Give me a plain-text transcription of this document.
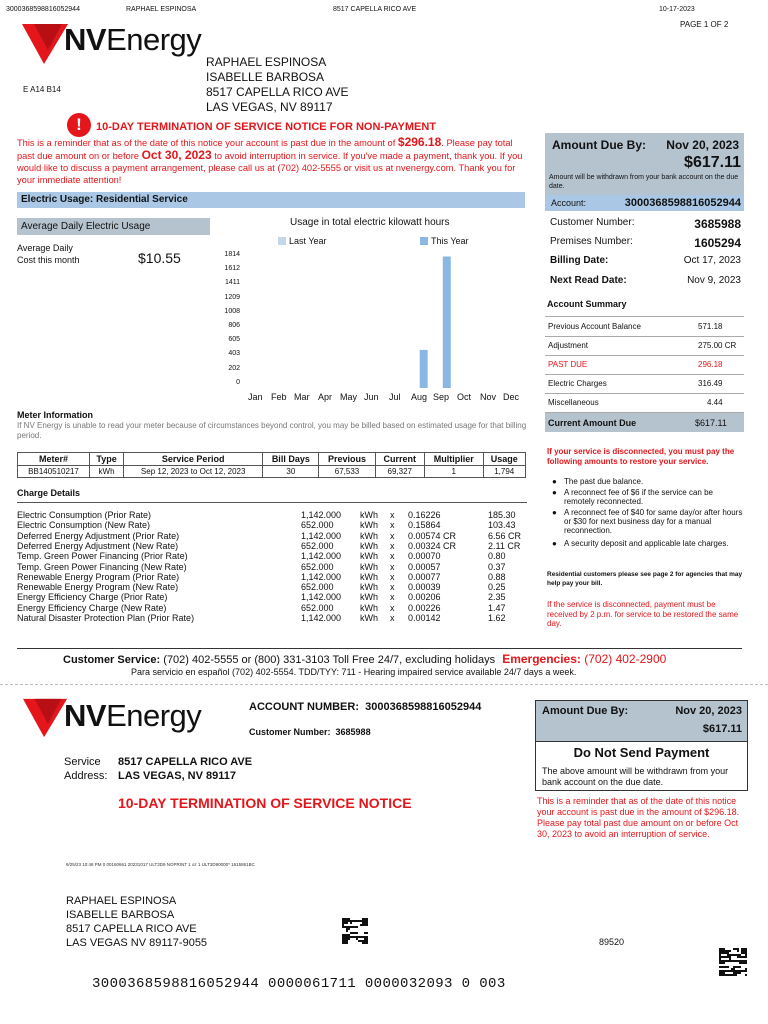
3000368598816052944	RAPHAEL ESPINOSA	8517 CAPELLA RICO AVE	10-17-2023
PAGE 1 OF 2
NVEnergy
E A14 B14
RAPHAEL ESPINOSA
ISABELLE BARBOSA
8517 CAPELLA RICO AVE
LAS VEGAS, NV 89117
!	10-DAY TERMINATION OF SERVICE NOTICE FOR NON-PAYMENT
This is a reminder that as of the date of this notice your account is past due in the amount of $296.18. Please pay total past due amount on or before Oct 30, 2023 to avoid interruption in service. If you've made a payment, thank you. If you would like to discuss a payment arrangement, please call us at (702) 402-5555 or visit us at nvenergy.com. Thank you for your immediate attention!
Amount Due By: Nov 20, 2023
$617.11
Amount will be withdrawn from your bank account on the due date.
Account:	3000368598816052944
Customer Number:	3685988
Premises Number:	1605294
Billing Date:	Oct 17, 2023
Next Read Date:	Nov 9, 2023
Account Summary
Previous Account Balance	571.18
Adjustment	275.00 CR
PAST DUE	296.18
Electric Charges	316.49
Miscellaneous	4.44
Current Amount Due	$617.11
If your service is disconnected, you must pay the following amounts to restore your service.
● The past due balance.
● A reconnect fee of $6 if the service can be remotely reconnected.
● A reconnect fee of $40 for same day/or after hours or $30 for next business day for a manual reconnection.
● A security deposit and applicable late charges.
Residential customers please see page 2 for agencies that may help pay your bill.
If the service is disconnected, payment must be received by 2 p.m. for service to be restored the same day.
Electric Usage: Residential Service
Average Daily Electric Usage
Average Daily
Cost this month	$10.55
Usage in total electric kilowatt hours
Last Year	This Year
1814
1612
1411
1209
1008
806
605
403
202
0
Jan Feb Mar Apr May Jun Jul Aug Sep Oct Nov Dec
Meter Information
If NV Energy is unable to read your meter because of circumstances beyond control, you may be billed based on estimated usage for that billing period.
Meter#	Type	Service Period	Bill Days	Previous	Current	Multiplier	Usage
BB140510217	kWh	Sep 12, 2023 to Oct 12, 2023	30	67,533	69,327	1	1,794
Charge Details
Electric Consumption (Prior Rate)	1,142.000 kWh x 0.16226	185.30
Electric Consumption (New Rate)	652.000	kWh x 0.15864	103.43
Deferred Energy Adjustment (Prior Rate)	1,142.000 kWh x 0.00574 CR	6.56 CR
Deferred Energy Adjustment (New Rate)	652.000	kWh x 0.00324 CR	2.11 CR
Temp. Green Power Financing (Prior Rate)	1,142.000 kWh x 0.00070	0.80
Temp. Green Power Financing (New Rate)	652.000	kWh x 0.00057	0.37
Renewable Energy Program (Prior Rate)	1,142.000 kWh x 0.00077	0.88
Renewable Energy Program (New Rate)	652.000	kWh x 0.00039	0.25
Energy Efficiency Charge (Prior Rate)	1,142.000 kWh x 0.00206	2.35
Energy Efficiency Charge (New Rate)	652.000	kWh x 0.00226	1.47
Natural Disaster Protection Plan (Prior Rate)	1,142.000 kWh x 0.00142	1.62
Customer Service: (702) 402-5555 or (800) 331-3103 Toll Free 24/7, excluding holidays Emergencies: (702) 402-2900
Para servicio en español (702) 402-5554. TDD/TYY: 711 - Hearing impaired service available 24/7 days a week.
NVEnergy	ACCOUNT NUMBER: 3000368598816052944
Customer Number: 3685988
Service
Address:
8517 CAPELLA RICO AVE
LAS VEGAS, NV 89117
10-DAY TERMINATION OF SERVICE NOTICE
Amount Due By:	Nov 20, 2023
$617.11
Do Not Send Payment
The above amount will be withdrawn from your bank account on the due date.
This is a reminder that as of the date of this notice your account is past due in the amount of $296.18. Please pay total past due amount on or before Oct 30, 2023 to avoid an interruption of service.
9/25/23 10:48 PM 0 00160661 20231017 ULT3D9 NOPRINT 1 oz 1 ULT3D90000* 1615861BC
RAPHAEL ESPINOSA
ISABELLE BARBOSA
8517 CAPELLA RICO AVE
LAS VEGAS NV 89117-9055	89520
3000368598816052944 0000061711 0000032093 0 003
